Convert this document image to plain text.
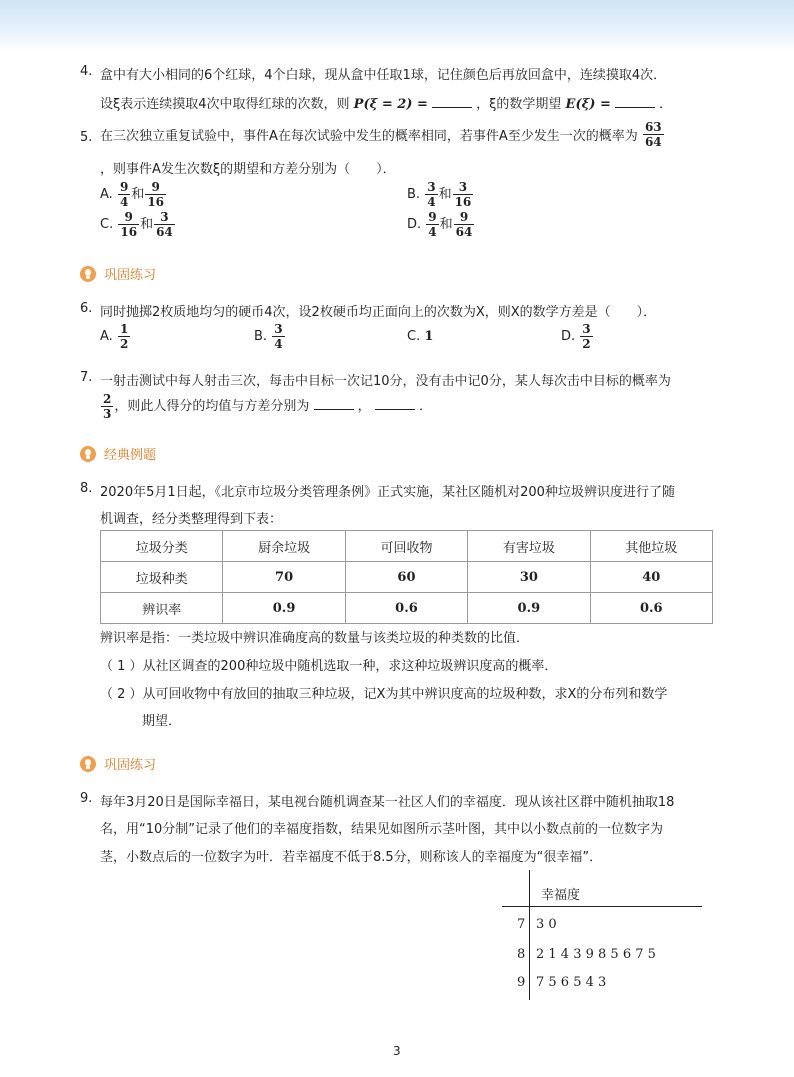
4. 盒中有大小相同的6个红球，4个白球，现从盒中任取1球，记住颜色后再放回盒中，连续摸取4次．
设ξ表示连续摸取4次中取得红球的次数，则 P(ξ = 2) =	，ξ的数学期望 E(ξ) =	．
5. 在三次独立重复试验中，事件A在每次试验中发生的概率相同，若事件A至少发生一次的概率为 $\frac{63}{64}$
，则事件A发生次数ξ的期望和方差分别为（　　）．
A. $\frac{9}{4}$ 和 $\frac{9}{16}$	B. $\frac{3}{4}$ 和 $\frac{3}{16}$
C. $\frac{9}{16}$ 和 $\frac{3}{64}$	D. $\frac{9}{4}$ 和 $\frac{9}{64}$
巩固练习
6. 同时抛掷2枚质地均匀的硬币4次，设2枚硬币均正面向上的次数为X，则X的数学方差是（　　）．
A. $\frac{1}{2}$	B. $\frac{3}{4}$	C. 1	D. $\frac{3}{2}$
7. 一射击测试中每人射击三次，每击中目标一次记10分，没有击中记0分，某人每次击中目标的概率为
$\frac{2}{3}$ ，则此人得分的均值与方差分别为	，	．
经典例题
8. 2020年5月1日起，《北京市垃圾分类管理条例》正式实施，某社区随机对200种垃圾辨识度进行了随
机调查，经分类整理得到下表：
垃圾分类	厨余垃圾	可回收物	有害垃圾	其他垃圾
垃圾种类	70	60	30	40
辨识率	0.9	0.6	0.9	0.6
辨识率是指：一类垃圾中辨识准确度高的数量与该类垃圾的种类数的比值．
（ 1 ）从社区调查的200种垃圾中随机选取一种，求这种垃圾辨识度高的概率．
（ 2 ）从可回收物中有放回的抽取三种垃圾，记X为其中辨识度高的垃圾种数，求X的分布列和数学
期望．
巩固练习
9. 每年3月20日是国际幸福日，某电视台随机调查某一社区人们的幸福度．现从该社区群中随机抽取18
名，用“10分制”记录了他们的幸福度指数，结果见如图所示茎叶图，其中以小数点前的一位数字为
茎，小数点后的一位数字为叶．若幸福度不低于8.5分，则称该人的幸福度为“很幸福”．
幸福度
7 3 0
8 2 1 4 3 9 8 5 6 7 5
9 7 5 6 5 4 3
3
